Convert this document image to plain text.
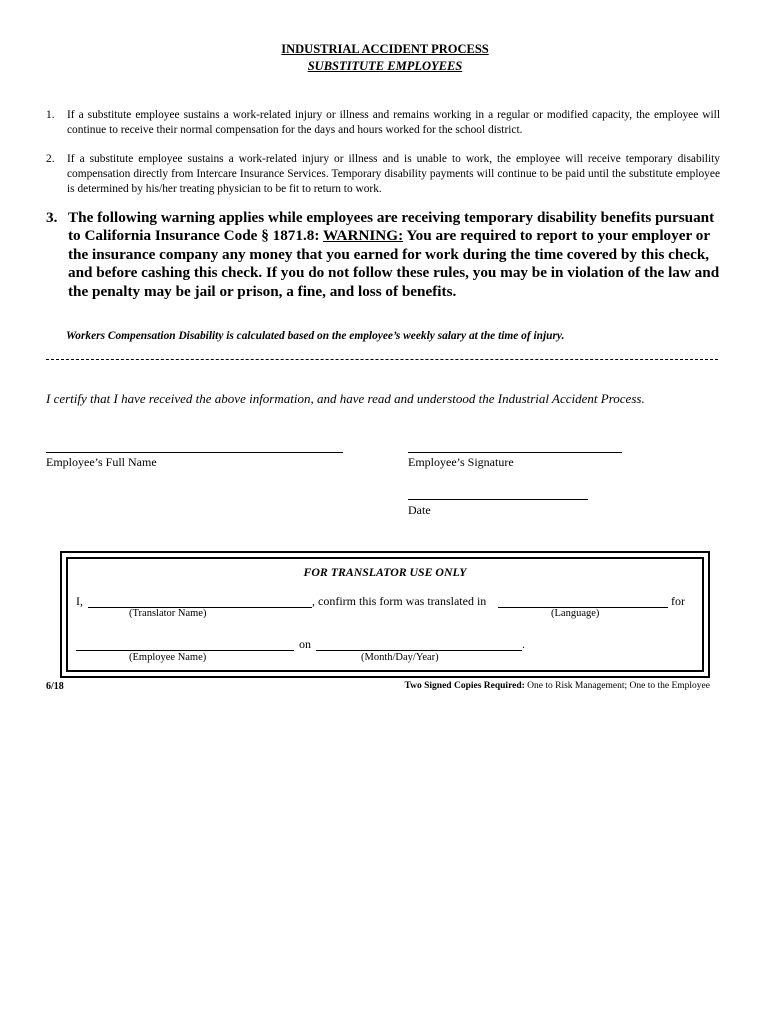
INDUSTRIAL ACCIDENT PROCESS
SUBSTITUTE EMPLOYEES
1. If a substitute employee sustains a work-related injury or illness and remains working in a regular or modified capacity, the employee will continue to receive their normal compensation for the days and hours worked for the school district.
2. If a substitute employee sustains a work-related injury or illness and is unable to work, the employee will receive temporary disability compensation directly from Intercare Insurance Services. Temporary disability payments will continue to be paid until the substitute employee is determined by his/her treating physician to be fit to return to work.
3. The following warning applies while employees are receiving temporary disability benefits pursuant to California Insurance Code § 1871.8: WARNING: You are required to report to your employer or the insurance company any money that you earned for work during the time covered by this check, and before cashing this check. If you do not follow these rules, you may be in violation of the law and the penalty may be jail or prison, a fine, and loss of benefits.
Workers Compensation Disability is calculated based on the employee’s weekly salary at the time of injury.
I certify that I have received the above information, and have read and understood the Industrial Accident Process.
Employee’s Full Name	Employee’s Signature
Date
FOR TRANSLATOR USE ONLY
I,	, confirm this form was translated in	for
(Translator Name)	(Language)
on	.
(Employee Name)	(Month/Day/Year)
6/18	Two Signed Copies Required: One to Risk Management; One to the Employee
